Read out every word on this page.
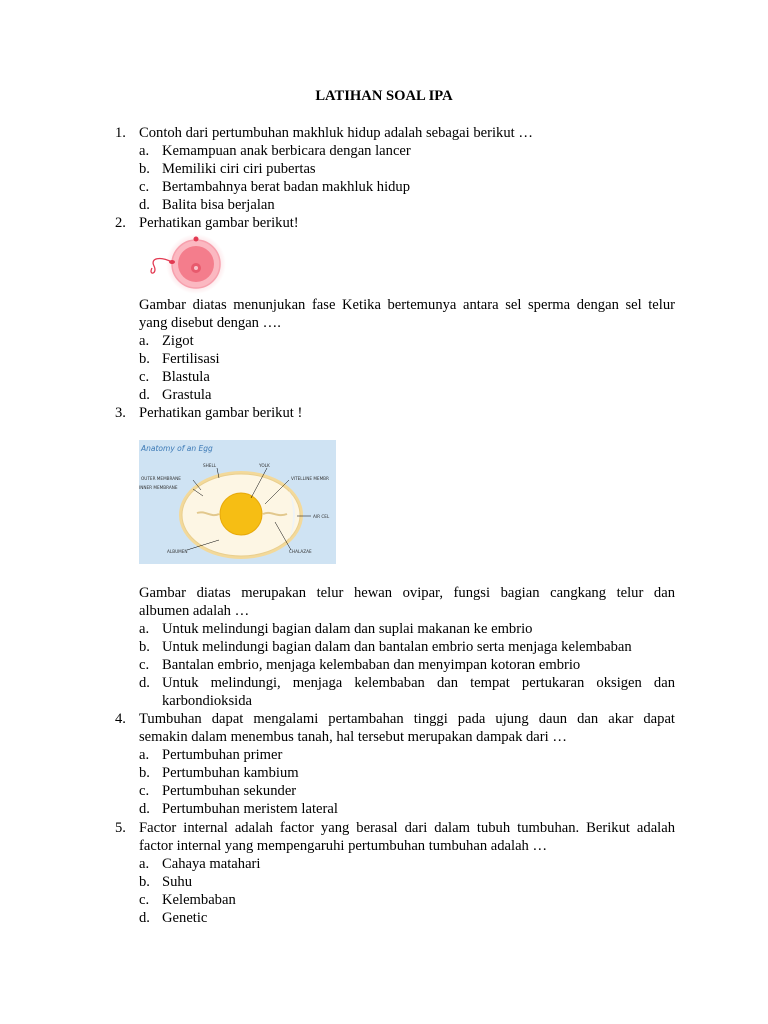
LATIHAN SOAL IPA
1. Contoh dari pertumbuhan makhluk hidup adalah sebagai berikut …
a. Kemampuan anak berbicara dengan lancer
b. Memiliki ciri ciri pubertas
c. Bertambahnya berat badan makhluk hidup
d. Balita bisa berjalan
2. Perhatikan gambar berikut!
Gambar diatas menunjukan fase Ketika bertemunya antara sel sperma dengan sel telur
yang disebut dengan ….
a. Zigot
b. Fertilisasi
c. Blastula
d. Grastula
3. Perhatikan gambar berikut !
Anatomy of an Egg
SHELL	YOLK
OUTER MEMBRANE
INNER MEMBRANE
VITELLINE MEMBR
AIR CEL
ALBUMEN	CHALAZAE
Gambar diatas merupakan telur hewan ovipar, fungsi bagian cangkang telur dan
albumen adalah …
a. Untuk melindungi bagian dalam dan suplai makanan ke embrio
b. Untuk melindungi bagian dalam dan bantalan embrio serta menjaga kelembaban
c. Bantalan embrio, menjaga kelembaban dan menyimpan kotoran embrio
d. Untuk melindungi, menjaga kelembaban dan tempat pertukaran oksigen dan
karbondioksida
4. Tumbuhan dapat mengalami pertambahan tinggi pada ujung daun dan akar dapat
semakin dalam menembus tanah, hal tersebut merupakan dampak dari …
a. Pertumbuhan primer
b. Pertumbuhan kambium
c. Pertumbuhan sekunder
d. Pertumbuhan meristem lateral
5. Factor internal adalah factor yang berasal dari dalam tubuh tumbuhan. Berikut adalah
factor internal yang mempengaruhi pertumbuhan tumbuhan adalah …
a. Cahaya matahari
b. Suhu
c. Kelembaban
d. Genetic
